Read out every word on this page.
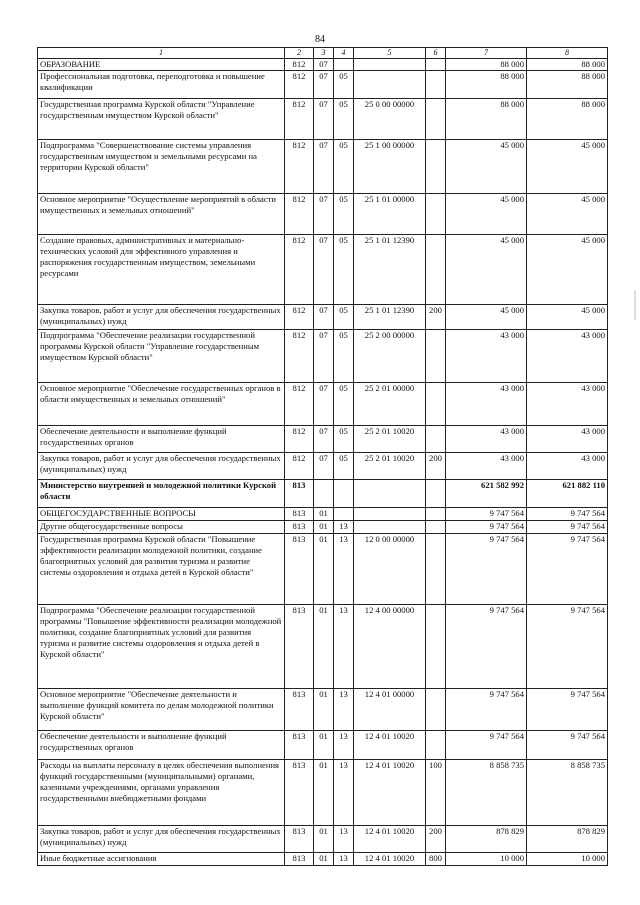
84
1	2	3	4	5	6	7	8
ОБРАЗОВАНИЕ	812	07				88 000	88 000
Профессиональная подготовка, переподготовка и повышение квалификации	812	07	05			88 000	88 000
Государственная программа Курской области "Управление государственным имуществом Курской области"	812	07	05	25 0 00 00000		88 000	88 000
Подпрограмма "Совершенствование системы управления государственным имуществом и земельными ресурсами на территории Курской области"	812	07	05	25 1 00 00000		45 000	45 000
Основное мероприятие "Осуществление мероприятий в области имущественных и земельных отношений"	812	07	05	25 1 01 00000		45 000	45 000
Создание правовых, административных и материально-технических условий для эффективного управления и распоряжения государственным имуществом, земельными ресурсами	812	07	05	25 1 01 12390		45 000	45 000
Закупка товаров, работ и услуг для обеспечения государственных (муниципальных) нужд	812	07	05	25 1 01 12390	200	45 000	45 000
Подпрограмма "Обеспечение реализации государственной программы Курской области "Управление государственным имуществом Курской области"	812	07	05	25 2 00 00000		43 000	43 000
Основное мероприятие "Обеспечение государственных органов в области имущественных и земельных отношений"	812	07	05	25 2 01 00000		43 000	43 000
Обеспечение деятельности и выполнение функций государственных органов	812	07	05	25 2 01 10020		43 000	43 000
Закупка товаров, работ и услуг для обеспечения государственных (муниципальных) нужд	812	07	05	25 2 01 10020	200	43 000	43 000
Министерство внутренней и молодежной политики Курской области	813					621 582 992	621 882 110
ОБЩЕГОСУДАРСТВЕННЫЕ ВОПРОСЫ	813	01				9 747 564	9 747 564
Другие общегосударственные вопросы	813	01	13			9 747 564	9 747 564
Государственная программа Курской области "Повышение эффективности реализации молодежной политики, создание благоприятных условий для развития туризма и развитие системы оздоровления и отдыха детей в Курской области"	813	01	13	12 0 00 00000		9 747 564	9 747 564
Подпрограмма "Обеспечение реализации государственной программы "Повышение эффективности реализации молодежной политики, создание благоприятных условий для развития туризма и развитие системы оздоровления и отдыха детей в Курской области"	813	01	13	12 4 00 00000		9 747 564	9 747 564
Основное мероприятие "Обеспечение деятельности и выполнение функций комитета по делам молодежной политики Курской области"	813	01	13	12 4 01 00000		9 747 564	9 747 564
Обеспечение деятельности и выполнение функций государственных органов	813	01	13	12 4 01 10020		9 747 564	9 747 564
Расходы на выплаты персоналу в целях обеспечения выполнения функций государственными (муниципальными) органами, казенными учреждениями, органами управления государственными внебюджетными фондами	813	01	13	12 4 01 10020	100	8 858 735	8 858 735
Закупка товаров, работ и услуг для обеспечения государственных (муниципальных) нужд	813	01	13	12 4 01 10020	200	878 829	878 829
Иные бюджетные ассигнования	813	01	13	12 4 01 10020	800	10 000	10 000
